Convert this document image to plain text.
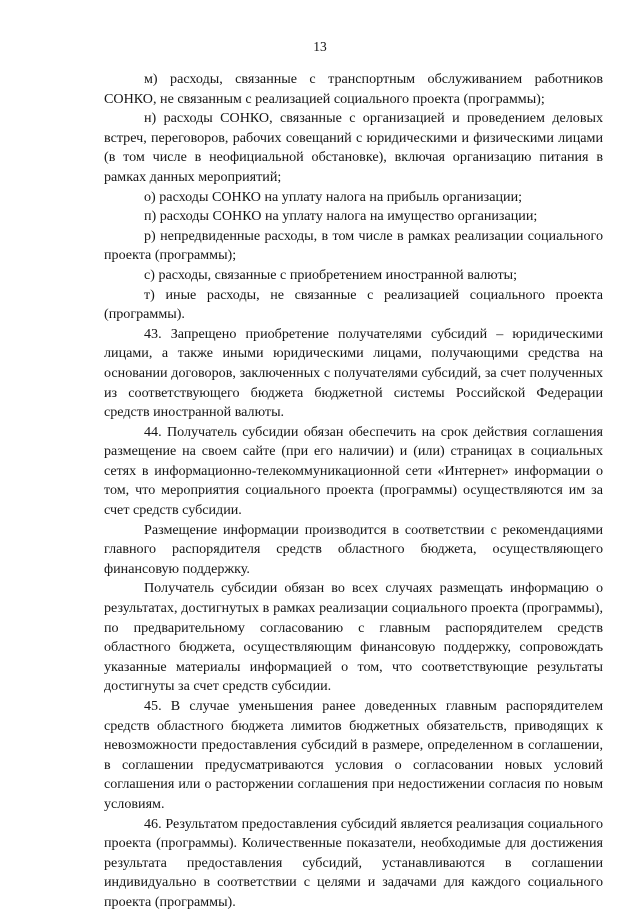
13

м) расходы, связанные с транспортным обслуживанием работников СОНКО, не связанным с реализацией социального проекта (программы);

н) расходы СОНКО, связанные с организацией и проведением деловых встреч, переговоров, рабочих совещаний с юридическими и физическими лицами (в том числе в неофициальной обстановке), включая организацию питания в рамках данных мероприятий;

о) расходы СОНКО на уплату налога на прибыль организации;

п) расходы СОНКО на уплату налога на имущество организации;

р) непредвиденные расходы, в том числе в рамках реализации социального проекта (программы);

с) расходы, связанные с приобретением иностранной валюты;

т) иные расходы, не связанные с реализацией социального проекта (программы).

43. Запрещено приобретение получателями субсидий – юридическими лицами, а также иными юридическими лицами, получающими средства на основании договоров, заключенных с получателями субсидий, за счет полученных из соответствующего бюджета бюджетной системы Российской Федерации средств иностранной валюты.

44. Получатель субсидии обязан обеспечить на срок действия соглашения размещение на своем сайте (при его наличии) и (или) страницах в социальных сетях в информационно-телекоммуникационной сети «Интернет» информации о том, что мероприятия социального проекта (программы) осуществляются им за счет средств субсидии.

Размещение информации производится в соответствии с рекомендациями главного распорядителя средств областного бюджета, осуществляющего финансовую поддержку.

Получатель субсидии обязан во всех случаях размещать информацию о результатах, достигнутых в рамках реализации социального проекта (программы), по предварительному согласованию с главным распорядителем средств областного бюджета, осуществляющим финансовую поддержку, сопровождать указанные материалы информацией о том, что соответствующие результаты достигнуты за счет средств субсидии.

45. В случае уменьшения ранее доведенных главным распорядителем средств областного бюджета лимитов бюджетных обязательств, приводящих к невозможности предоставления субсидий в размере, определенном в соглашении, в соглашении предусматриваются условия о согласовании новых условий соглашения или о расторжении соглашения при недостижении согласия по новым условиям.

46. Результатом предоставления субсидий является реализация социального проекта (программы). Количественные показатели, необходимые для достижения результата предоставления субсидий, устанавливаются в соглашении индивидуально в соответствии с целями и задачами для каждого социального проекта (программы).
